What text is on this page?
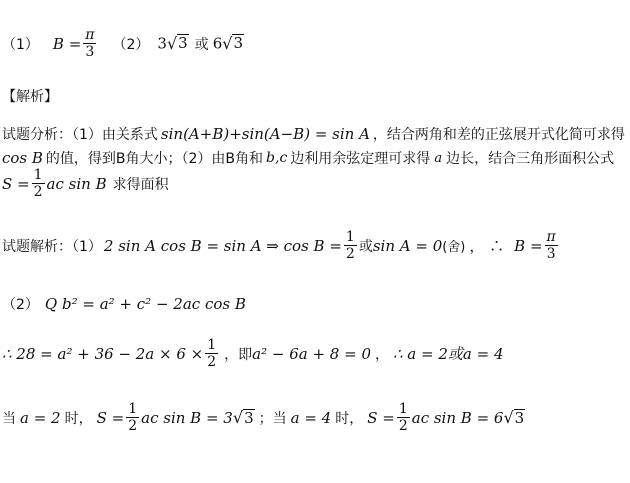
（1） $B = \frac{\pi}{3} (2)$ 3 √ 3 或 6 √ 3
【解析】
试题分析：（1）由关系式 sin(A+B)+sin(A−B) = sin A ，结合两角和差的正弦展开式化简可求得
cos B 的值，得到B角大小；（2）由B角和 b,c 边利用余弦定理可求得 a 边长，结合三角形面积公式
$S = \frac{1}{2}$ ac sin B 求得面积
试题解析：（1） 2 sin A cos B = sin A ⇒ $\cos B = \frac{1}{2}$ 或 sin A = 0 (舍) ， ∴ $B = \frac{\pi}{3}$
（2） Q b² = a² + c² − 2ac cos B
∴ $28 = a^2 + 36 - 2a \times 6 \times \frac{1}{2}$ ，即 a² − 6a + 8 = 0 ， ∴ a = 2或a = 4
当 a = 2 时， $S = \frac{1}{2}$ ac sin B = 3 √ 3 ；当 a = 4 时， $S = \frac{1}{2}$ ac sin B = 6 √ 3
